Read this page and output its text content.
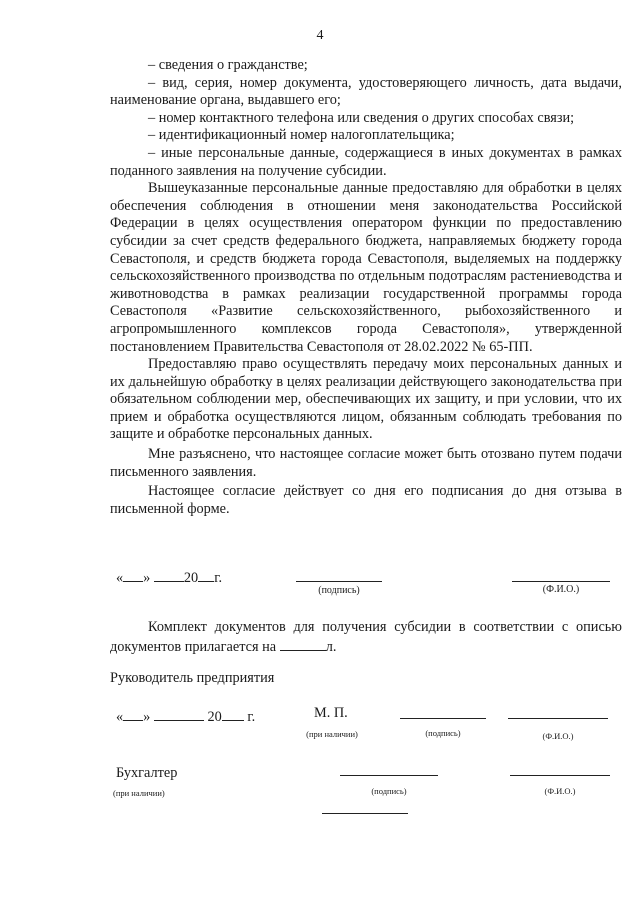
4

– сведения о гражданстве;

– вид, серия, номер документа, удостоверяющего личность, дата выдачи, наименование органа, выдавшего его;

– номер контактного телефона или сведения о других способах связи;

– идентификационный номер налогоплательщика;

– иные персональные данные, содержащиеся в иных документах в рамках поданного заявления на получение субсидии.

Вышеуказанные персональные данные предоставляю для обработки в целях обеспечения соблюдения в отношении меня законодательства Российской Федерации в целях осуществления оператором функции по предоставлению субсидии за счет средств федерального бюджета, направляемых бюджету города Севастополя, и средств бюджета города Севастополя, выделяемых на поддержку сельскохозяйственного производства по отдельным подотраслям растениеводства и животноводства в рамках реализации государственной программы города Севастополя «Развитие сельскохозяйственного, рыбохозяйственного и агропромышленного комплексов города Севастополя», утвержденной постановлением Правительства Севастополя от 28.02.2022 № 65-ПП.

Предоставляю право осуществлять передачу моих персональных данных и их дальнейшую обработку в целях реализации действующего законодательства при обязательном соблюдении мер, обеспечивающих их защиту, и при условии, что их прием и обработка осуществляются лицом, обязанным соблюдать требования по защите и обработке персональных данных.

Мне разъяснено, что настоящее согласие может быть отозвано путем подачи письменного заявления.

Настоящее согласие действует со дня его подписания до дня отзыва в письменной форме.

« » 20 г.
(подпись)	(Ф.И.О.)

Комплект документов для получения субсидии в соответствии с описью документов прилагается на	л.

Руководитель предприятия
« »	20 г.	М. П.
(при наличии)	(подпись)	(Ф.И.О.)
Бухгалтер
(при наличии)	(подпись)	(Ф.И.О.)
